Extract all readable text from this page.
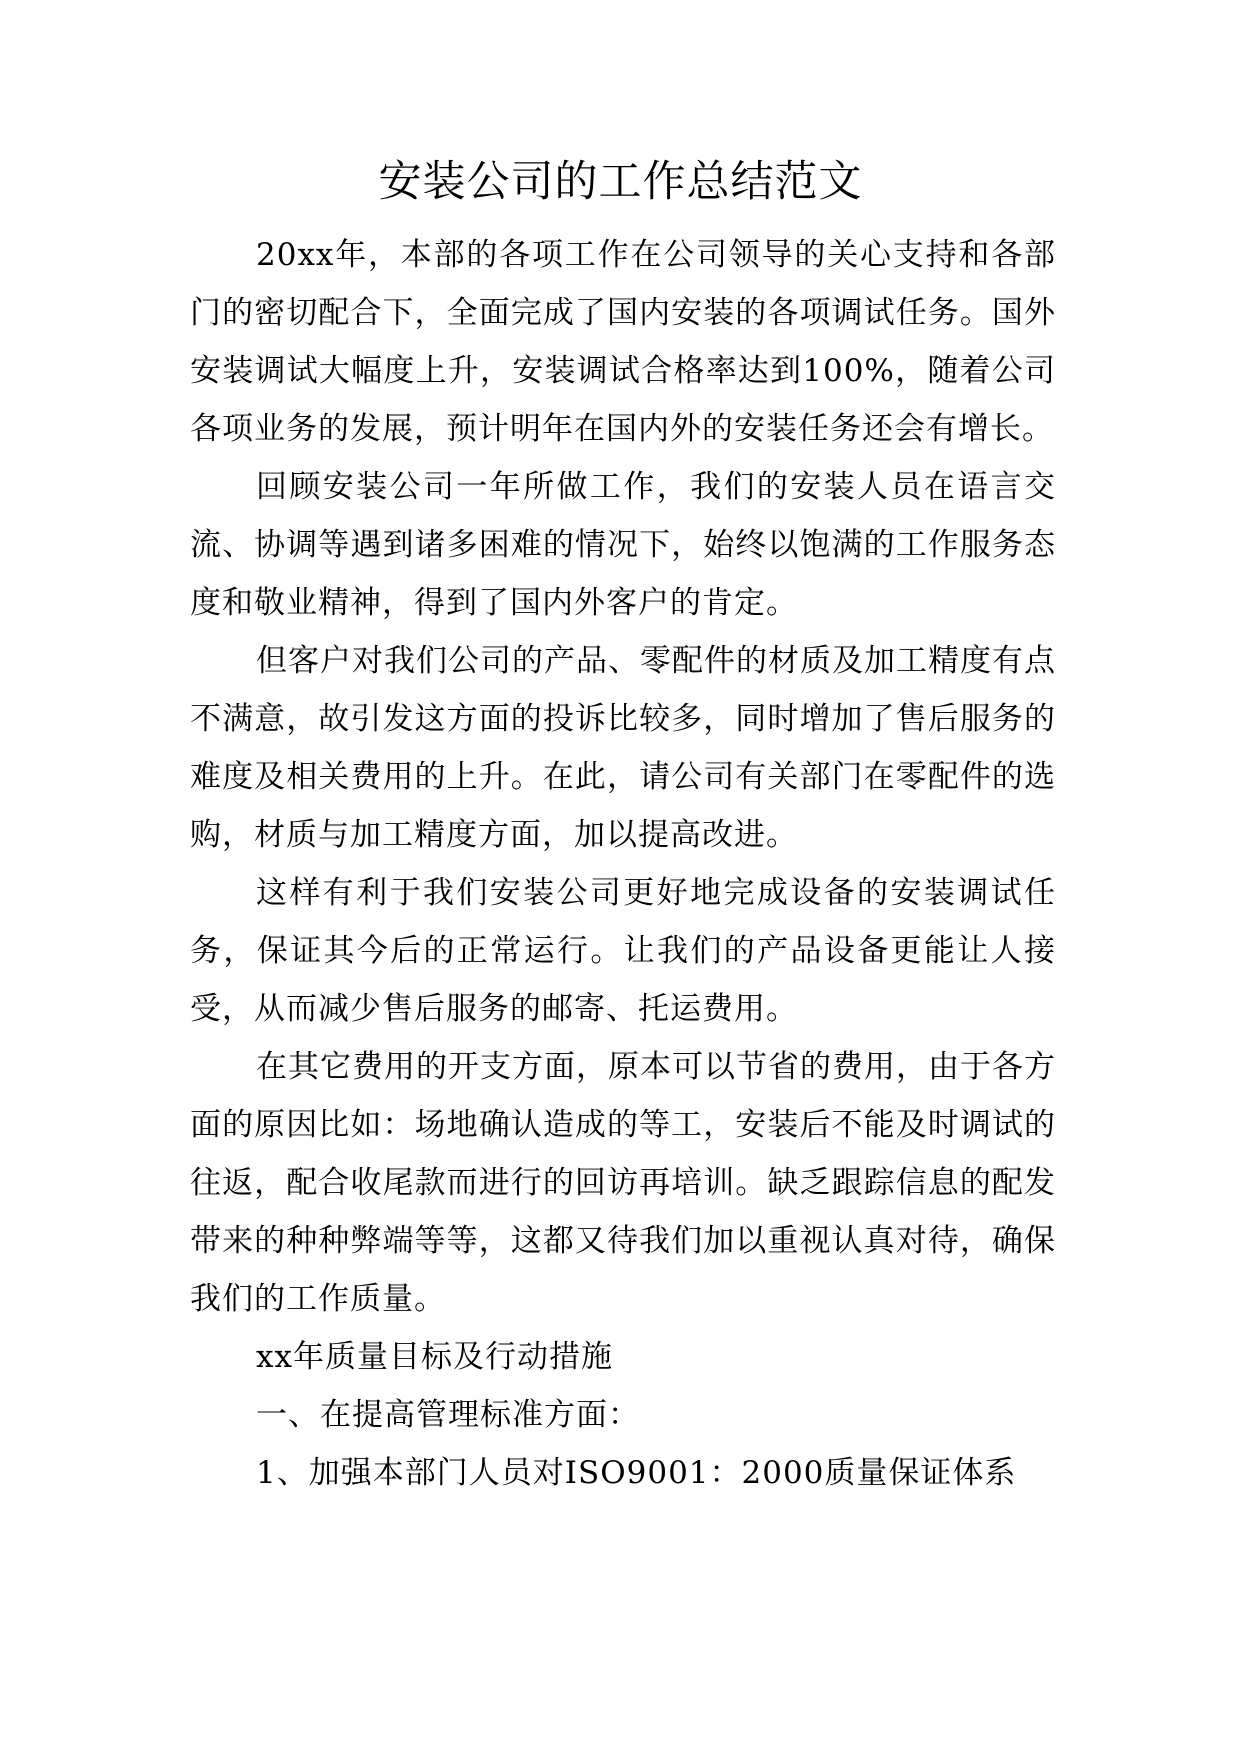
安装公司的工作总结范文

20xx年，本部的各项工作在公司领导的关心支持和各部门的密切配合下，全面完成了国内安装的各项调试任务。国外安装调试大幅度上升，安装调试合格率达到100%，随着公司各项业务的发展，预计明年在国内外的安装任务还会有增长。

回顾安装公司一年所做工作，我们的安装人员在语言交流、协调等遇到诸多困难的情况下，始终以饱满的工作服务态度和敬业精神，得到了国内外客户的肯定。

但客户对我们公司的产品、零配件的材质及加工精度有点不满意，故引发这方面的投诉比较多，同时增加了售后服务的难度及相关费用的上升。在此，请公司有关部门在零配件的选购，材质与加工精度方面，加以提高改进。

这样有利于我们安装公司更好地完成设备的安装调试任务，保证其今后的正常运行。让我们的产品设备更能让人接受，从而减少售后服务的邮寄、托运费用。

在其它费用的开支方面，原本可以节省的费用，由于各方面的原因比如：场地确认造成的等工，安装后不能及时调试的往返，配合收尾款而进行的回访再培训。缺乏跟踪信息的配发带来的种种弊端等等，这都又待我们加以重视认真对待，确保我们的工作质量。

xx年质量目标及行动措施

一、在提高管理标准方面：

1、加强本部门人员对ISO9001：2000质量保证体系
